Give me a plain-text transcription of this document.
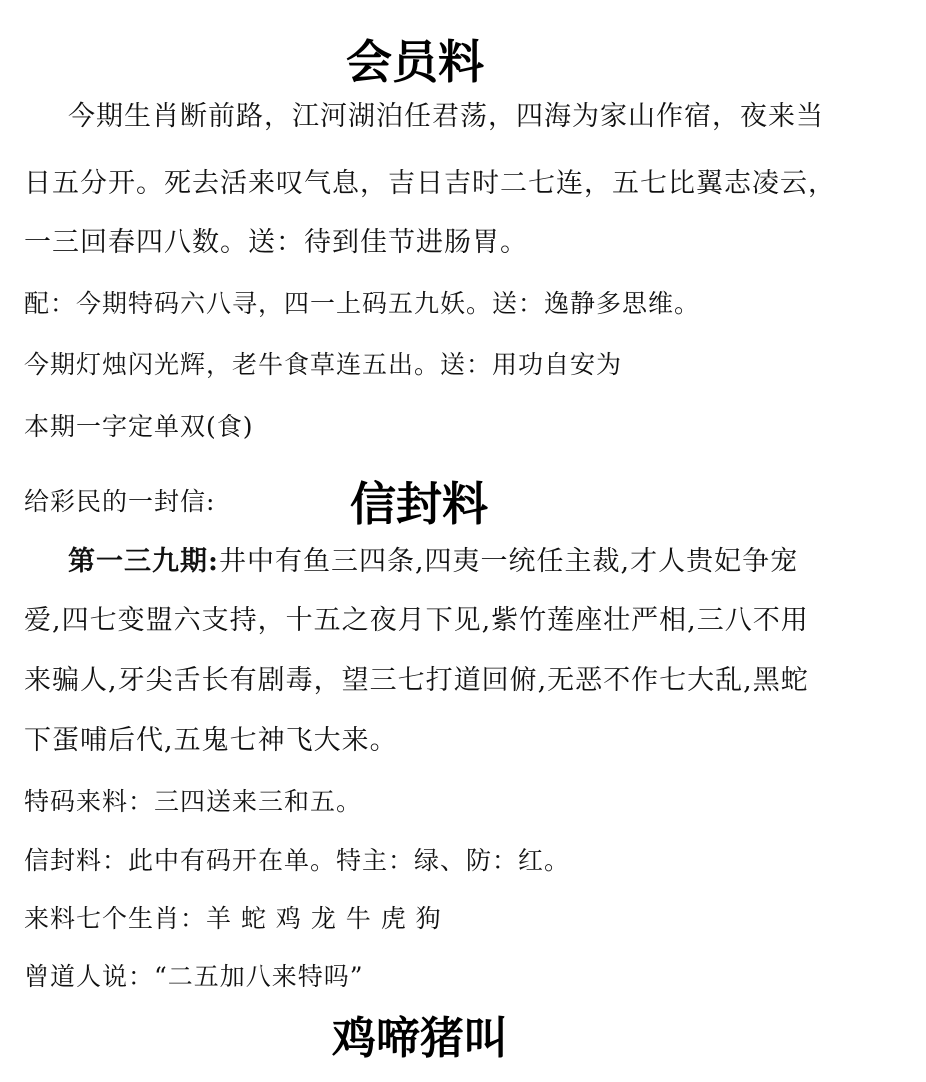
会员料
今期生肖断前路，江河湖泊任君荡，四海为家山作宿，夜来当
日五分开。死去活来叹气息，吉日吉时二七连，五七比翼志凌云，
一三回春四八数。送：待到佳节进肠胃。
配：今期特码六八寻，四一上码五九妖。送：逸静多思维。
今期灯烛闪光辉，老牛食草连五出。送：用功自安为
本期一字定单双(食)
给彩民的一封信:	信封料
第一三九期:井中有鱼三四条,四夷一统任主裁,才人贵妃争宠
爱,四七变盟六支持，十五之夜月下见,紫竹莲座壮严相,三八不用
来骗人,牙尖舌长有剧毒，望三七打道回俯,无恶不作七大乱,黑蛇
下蛋哺后代,五鬼七神飞大来。
特码来料：三四送来三和五。
信封料：此中有码开在单。特主：绿、防：红。
来料七个生肖：羊 蛇 鸡 龙 牛 虎 狗
曾道人说：“二五加八来特吗”
鸡啼猪叫
